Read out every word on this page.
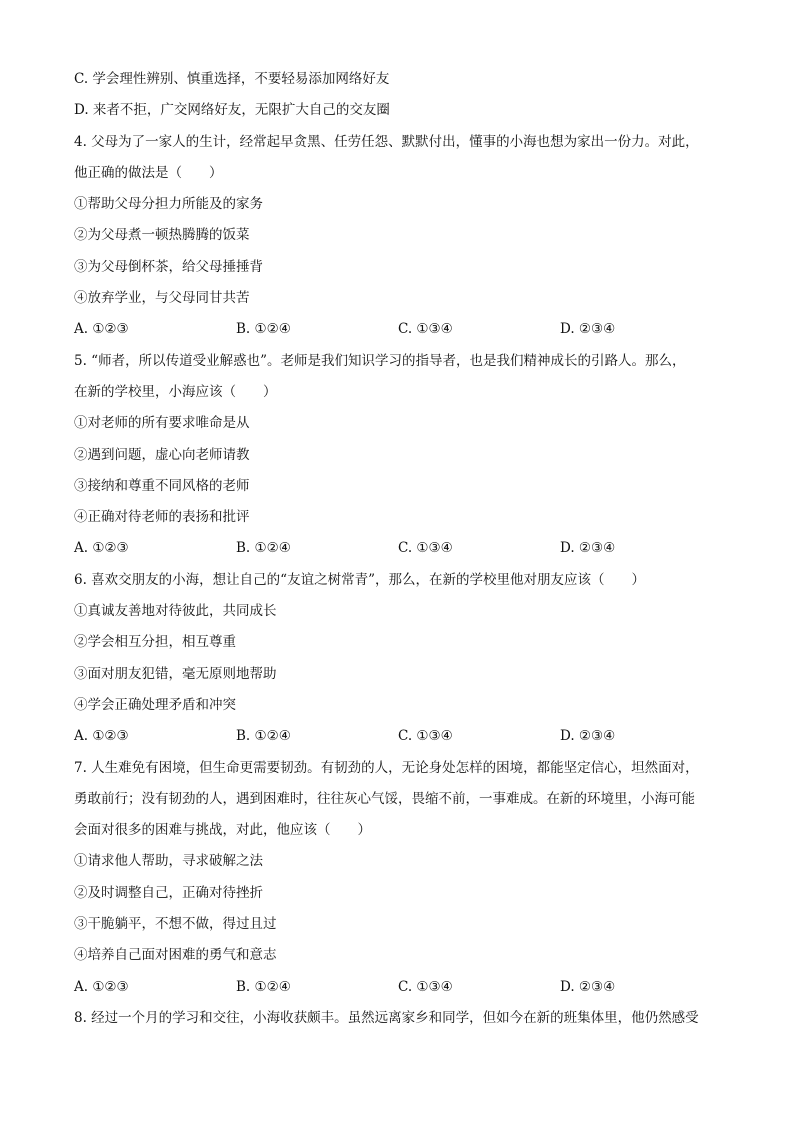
C. 学会理性辨别、慎重选择，不要轻易添加网络好友
D. 来者不拒，广交网络好友，无限扩大自己的交友圈
4. 父母为了一家人的生计，经常起早贪黑、任劳任怨、默默付出，懂事的小海也想为家出一份力。对此，
他正确的做法是（　　）
①帮助父母分担力所能及的家务
②为父母煮一顿热腾腾的饭菜
③为父母倒杯茶，给父母捶捶背
④放弃学业，与父母同甘共苦
A. ①②③	B. ①②④	C. ①③④	D. ②③④
5. “师者，所以传道受业解惑也”。老师是我们知识学习的指导者，也是我们精神成长的引路人。那么，
在新的学校里，小海应该（　　）
①对老师的所有要求唯命是从
②遇到问题，虚心向老师请教
③接纳和尊重不同风格的老师
④正确对待老师的表扬和批评
A. ①②③	B. ①②④	C. ①③④	D. ②③④
6. 喜欢交朋友的小海，想让自己的“友谊之树常青”，那么，在新的学校里他对朋友应该（　　）
①真诚友善地对待彼此，共同成长
②学会相互分担，相互尊重
③面对朋友犯错，毫无原则地帮助
④学会正确处理矛盾和冲突
A. ①②③	B. ①②④	C. ①③④	D. ②③④
7. 人生难免有困境，但生命更需要韧劲。有韧劲的人，无论身处怎样的困境，都能坚定信心，坦然面对，
勇敢前行；没有韧劲的人，遇到困难时，往往灰心气馁，畏缩不前，一事难成。在新的环境里，小海可能
会面对很多的困难与挑战，对此，他应该（　　）
①请求他人帮助，寻求破解之法
②及时调整自己，正确对待挫折
③干脆躺平，不想不做，得过且过
④培养自己面对困难的勇气和意志
A. ①②③	B. ①②④	C. ①③④	D. ②③④
8. 经过一个月的学习和交往，小海收获颇丰。虽然远离家乡和同学，但如今在新的班集体里，他仍然感受
